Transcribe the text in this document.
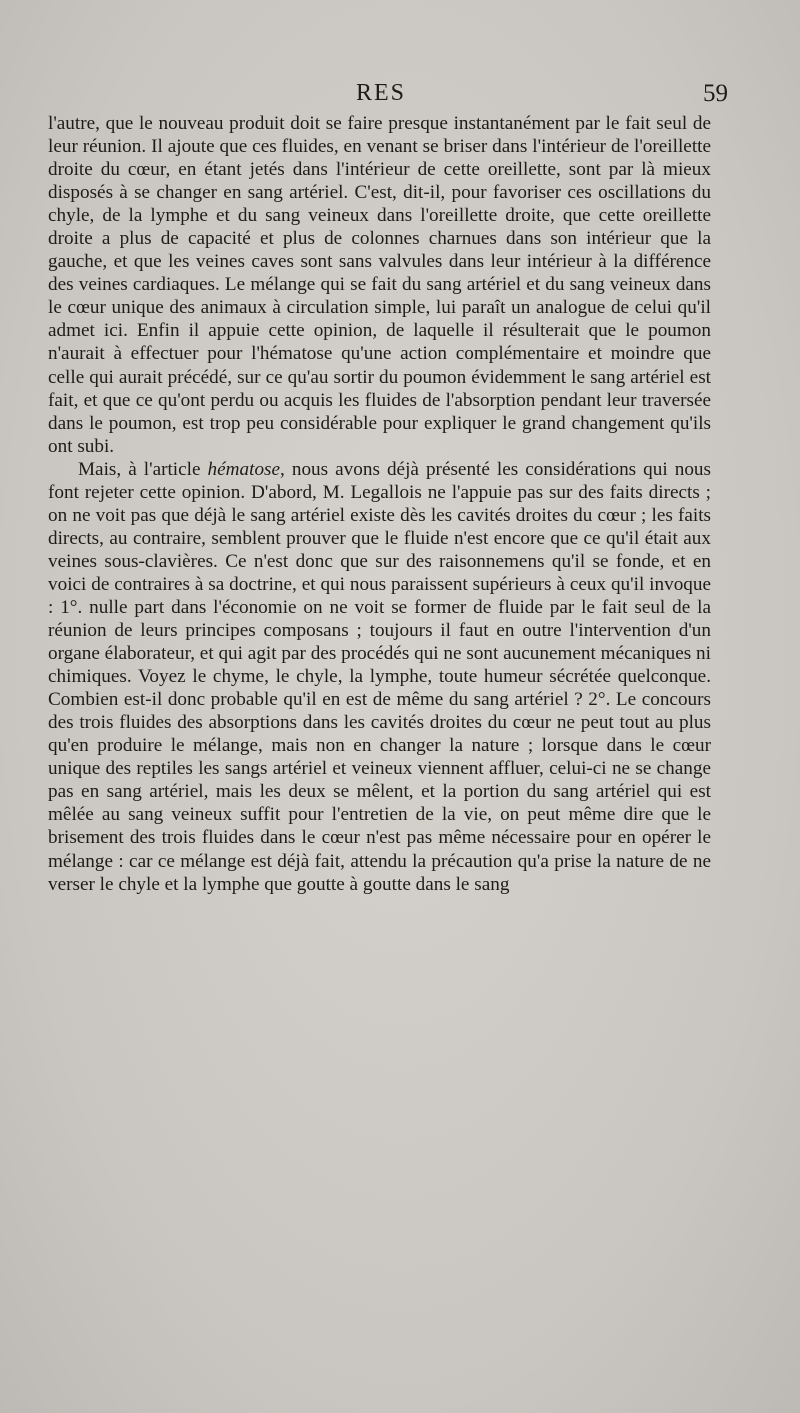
RES	59

l'autre, que le nouveau produit doit se faire presque instantanément par le fait seul de leur réunion. Il ajoute que ces fluides, en venant se briser dans l'intérieur de l'oreillette droite du cœur, en étant jetés dans l'intérieur de cette oreillette, sont par là mieux disposés à se changer en sang artériel. C'est, dit-il, pour favoriser ces oscillations du chyle, de la lymphe et du sang veineux dans l'oreillette droite, que cette oreillette droite a plus de capacité et plus de colonnes charnues dans son intérieur que la gauche, et que les veines caves sont sans valvules dans leur intérieur à la différence des veines cardiaques. Le mélange qui se fait du sang artériel et du sang veineux dans le cœur unique des animaux à circulation simple, lui paraît un analogue de celui qu'il admet ici. Enfin il appuie cette opinion, de laquelle il résulterait que le poumon n'aurait à effectuer pour l'hématose qu'une action complémentaire et moindre que celle qui aurait précédé, sur ce qu'au sortir du poumon évidemment le sang artériel est fait, et que ce qu'ont perdu ou acquis les fluides de l'absorption pendant leur traversée dans le poumon, est trop peu considérable pour expliquer le grand changement qu'ils ont subi.

Mais, à l'article hématose, nous avons déjà présenté les considérations qui nous font rejeter cette opinion. D'abord, M. Legallois ne l'appuie pas sur des faits directs ; on ne voit pas que déjà le sang artériel existe dès les cavités droites du cœur ; les faits directs, au contraire, semblent prouver que le fluide n'est encore que ce qu'il était aux veines sous-clavières. Ce n'est donc que sur des raisonnemens qu'il se fonde, et en voici de contraires à sa doctrine, et qui nous paraissent supérieurs à ceux qu'il invoque : 1°. nulle part dans l'économie on ne voit se former de fluide par le fait seul de la réunion de leurs principes composans ; toujours il faut en outre l'intervention d'un organe élaborateur, et qui agit par des procédés qui ne sont aucunement mécaniques ni chimiques. Voyez le chyme, le chyle, la lymphe, toute humeur sécrétée quelconque. Combien est-il donc probable qu'il en est de même du sang artériel ? 2°. Le concours des trois fluides des absorptions dans les cavités droites du cœur ne peut tout au plus qu'en produire le mélange, mais non en changer la nature ; lorsque dans le cœur unique des reptiles les sangs artériel et veineux viennent affluer, celui-ci ne se change pas en sang artériel, mais les deux se mêlent, et la portion du sang artériel qui est mêlée au sang veineux suffit pour l'entretien de la vie, on peut même dire que le brisement des trois fluides dans le cœur n'est pas même nécessaire pour en opérer le mélange : car ce mélange est déjà fait, attendu la précaution qu'a prise la nature de ne verser le chyle et la lymphe que goutte à goutte dans le sang
